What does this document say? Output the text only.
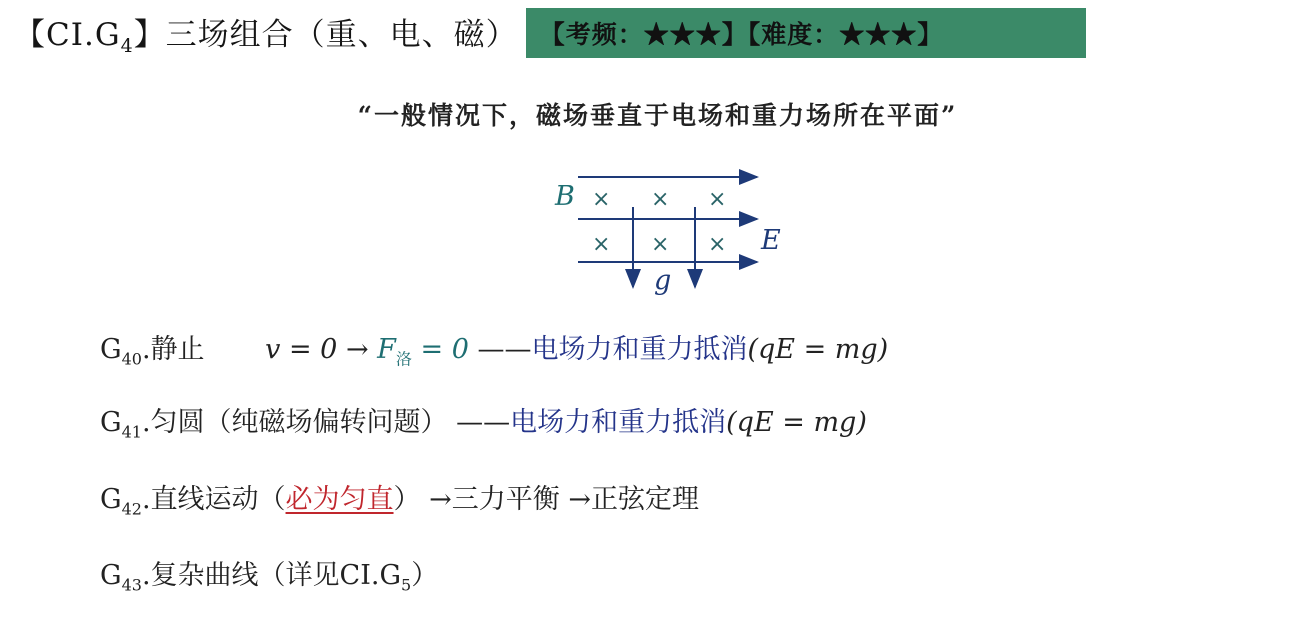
【$CI.G_4$】三场组合（重、电、磁） 【考频：★★★】【难度：★★★】
“一般情况下，磁场垂直于电场和重力场所在平面”
× × ×
× × ×
B
E
g
$G_{40}$.静止 $v = 0 \to F_洛 = 0$ ——电场力和重力抵消(qE = mg)
$G_{41}$.匀圆（纯磁场偏转问题） ——电场力和重力抵消(qE = mg)
$G_{42}$.直线运动（必为匀直） →三力平衡 →正弦定理
$G_{43}$.复杂曲线（详见$CI.G_5$）
